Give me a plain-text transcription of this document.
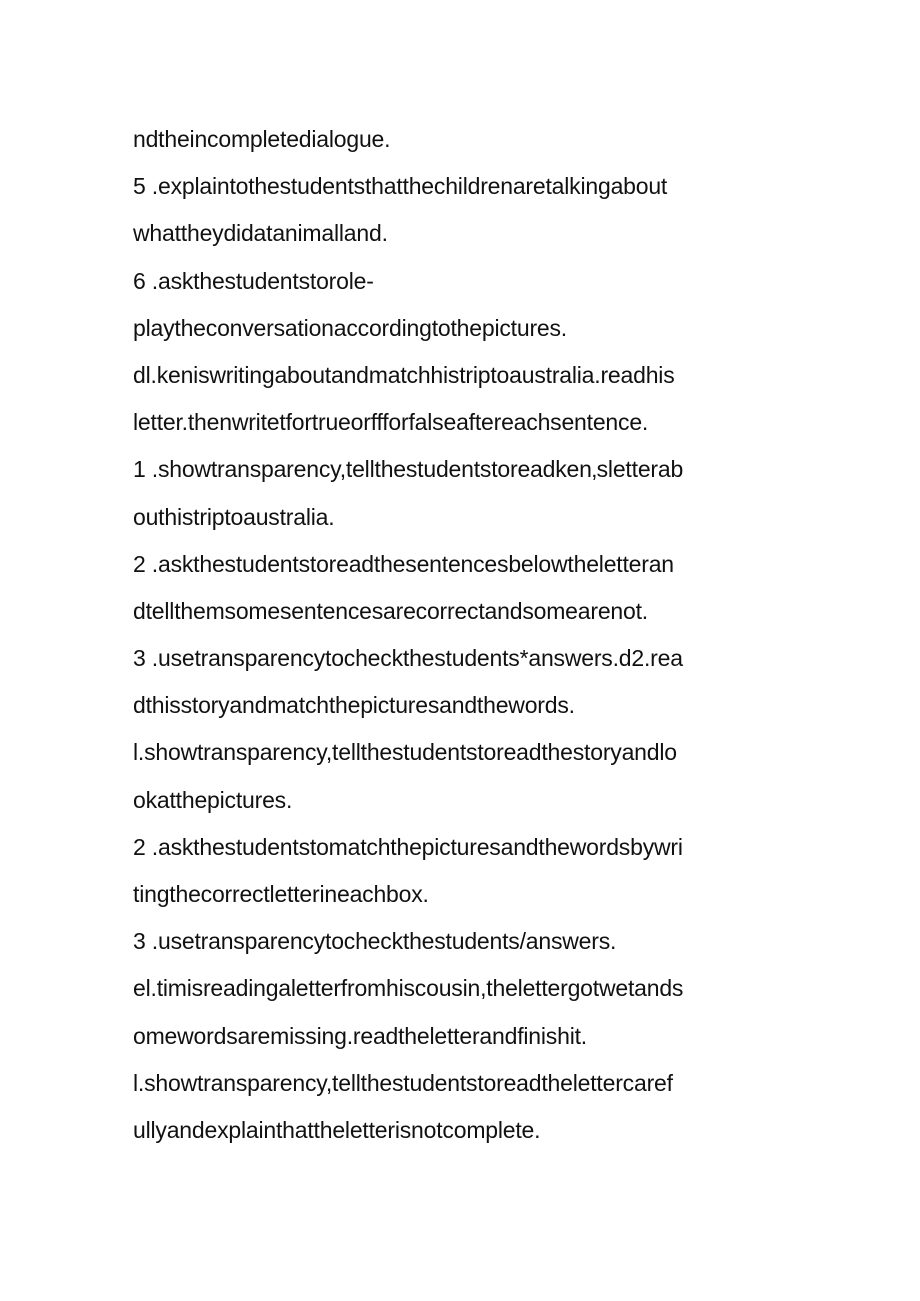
ndtheincompletedialogue.
5 .explaintothestudentsthatthechildrenaretalkingabout
whattheydidatanimalland.
6 .askthestudentstorole-
playtheconversationaccordingtothepictures.
dl.keniswritingaboutandmatchhistriptoaustralia.readhis
letter.thenwritetfortrueorffforfalseaftereachsentence.
1 .showtransparency,tellthestudentstoreadken‚sletterab
outhistriptoaustralia.
2 .askthestudentstoreadthesentencesbelowtheletteran
dtellthemsomesentencesarecorrectandsomearenot.
3 .usetransparencytocheckthestudents*answers.d2.rea
dthisstoryandmatchthepicturesandthewords.
l.showtransparency,tellthestudentstoreadthestoryandlo
okatthepictures.
2 .askthestudentstomatchthepicturesandthewordsbywri
tingthecorrectletterineachbox.
3 .usetransparencytocheckthestudents/answers.
el.timisreadingaletterfromhiscousin,thelettergotwetands
omewordsaremissing.readtheletterandfinishit.
l.showtransparency,tellthestudentstoreadthelettercaref
ullyandexplainthattheletterisnotcomplete.
